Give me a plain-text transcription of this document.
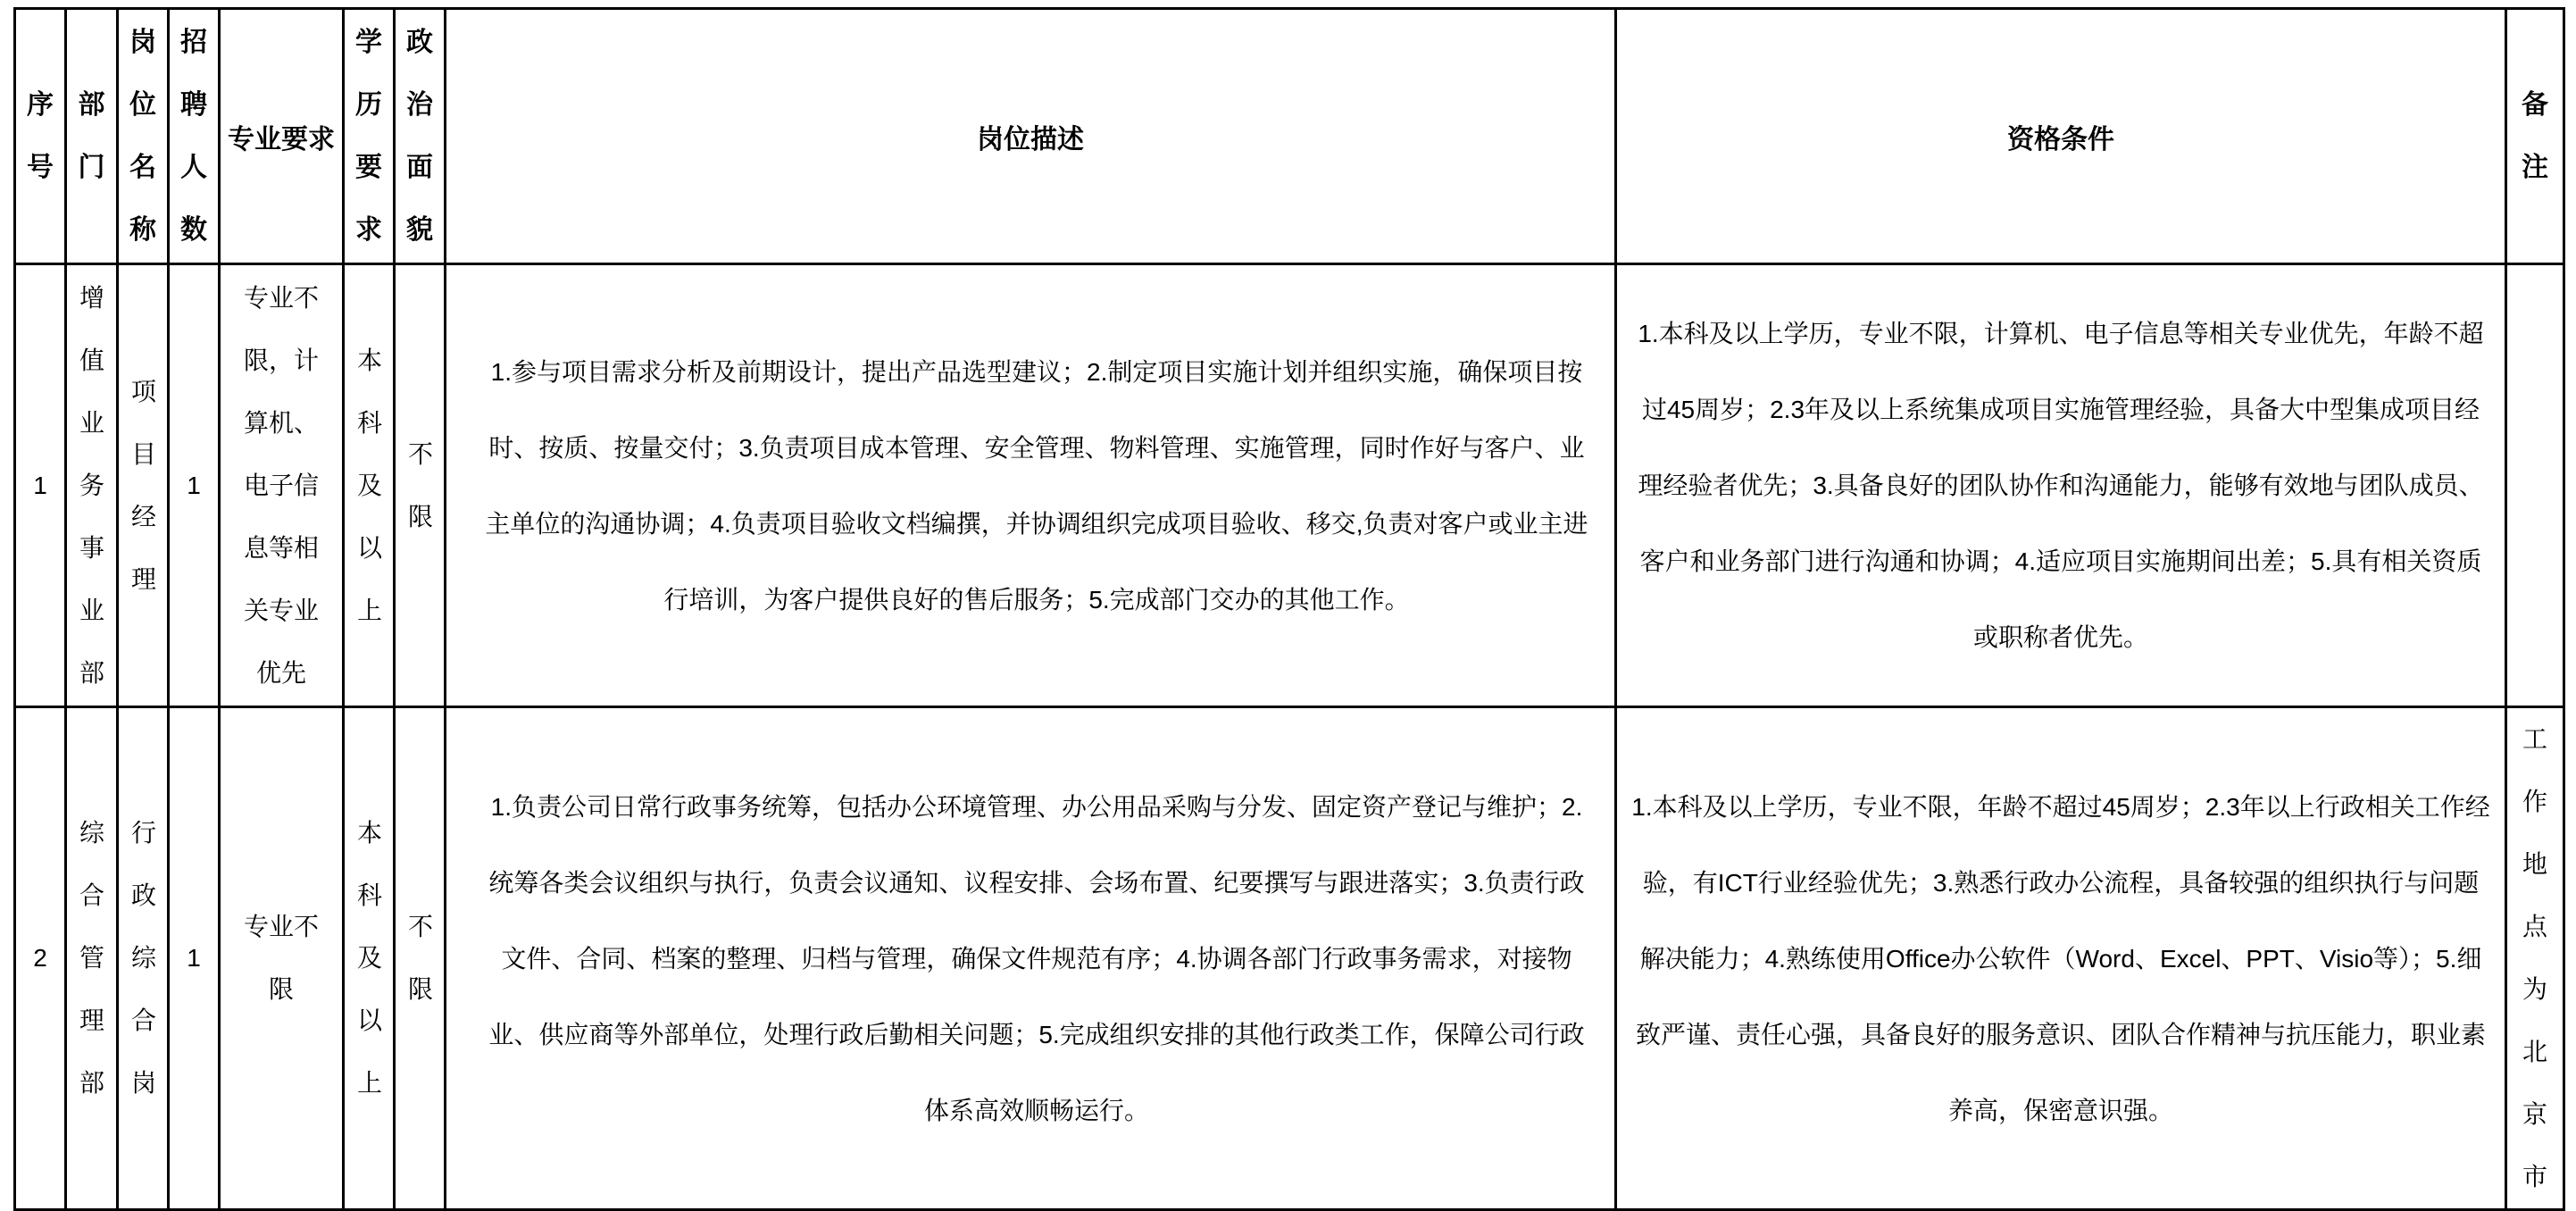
序号	部门	岗位名称	招聘人数	专业要求	学历要求	政治面貌	岗位描述	资格条件	备注
1	增值业务事业部	项目经理	1	专业不限，计算机、电子信息等相关专业优先	本科及以上	不限	1.参与项目需求分析及前期设计，提出产品选型建议；2.制定项目实施计划并组织实施，确保项目按时、按质、按量交付；3.负责项目成本管理、安全管理、物料管理、实施管理，同时作好与客户、业主单位的沟通协调；4.负责项目验收文档编撰，并协调组织完成项目验收、移交,负责对客户或业主进行培训，为客户提供良好的售后服务；5.完成部门交办的其他工作。	1.本科及以上学历，专业不限，计算机、电子信息等相关专业优先，年龄不超过45周岁；2.3年及以上系统集成项目实施管理经验，具备大中型集成项目经理经验者优先；3.具备良好的团队协作和沟通能力，能够有效地与团队成员、客户和业务部门进行沟通和协调；4.适应项目实施期间出差；5.具有相关资质或职称者优先。	
2	综合管理部	行政综合岗	1	专业不限	本科及以上	不限	1.负责公司日常行政事务统筹，包括办公环境管理、办公用品采购与分发、固定资产登记与维护；2.统筹各类会议组织与执行，负责会议通知、议程安排、会场布置、纪要撰写与跟进落实；3.负责行政文件、合同、档案的整理、归档与管理，确保文件规范有序；4.协调各部门行政事务需求，对接物业、供应商等外部单位，处理行政后勤相关问题；5.完成组织安排的其他行政类工作，保障公司行政体系高效顺畅运行。	1.本科及以上学历，专业不限，年龄不超过45周岁；2.3年以上行政相关工作经验，有ICT行业经验优先；3.熟悉行政办公流程，具备较强的组织执行与问题解决能力；4.熟练使用Office办公软件（Word、Excel、PPT、Visio等）；5.细致严谨、责任心强，具备良好的服务意识、团队合作精神与抗压能力，职业素养高，保密意识强。	工作地点为北京市
